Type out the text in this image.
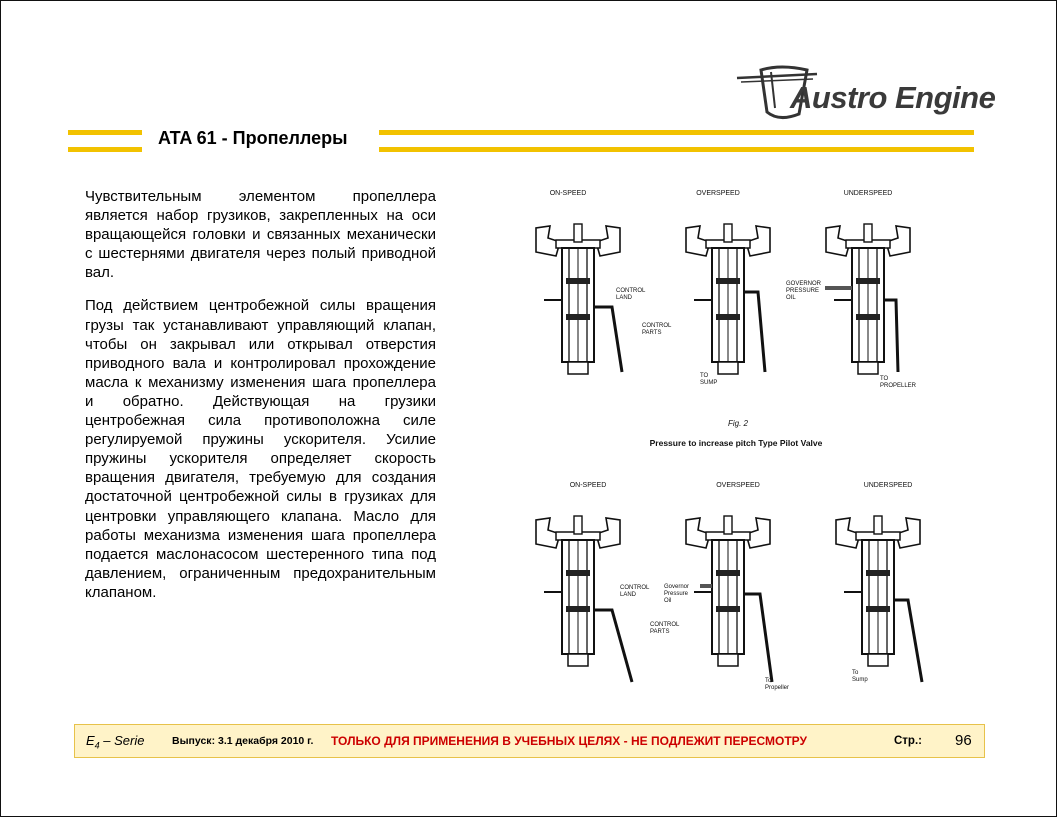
Austro Engine
ATA 61 - Пропеллеры

Чувствительным элементом пропеллера является набор грузиков, закрепленных на оси вращающейся головки и связанных механически с шестернями двигателя через полый приводной вал.

Под действием центробежной силы вращения грузы так устанавливают управляющий клапан, чтобы он закрывал или открывал отверстия приводного вала и контролировал прохождение масла к механизму изменения шага пропеллера и обратно. Действующая на грузики центробежная сила противоположна силе регулируемой пружины ускорителя. Усилие пружины ускорителя определяет скорость вращения двигателя, требуемую для создания достаточной центробежной силы в грузиках для центровки управляющего клапана. Масло для работы механизма изменения шага пропеллера подается маслонасосом шестеренного типа под давлением, ограниченным предохранительным клапаном.

ON-SPEED	OVERSPEED	UNDERSPEED
CONTROL LAND
CONTROL PARTS
GOVERNOR PRESSURE OIL
TO SUMP
TO PROPELLER
Fig. 2
Pressure to increase pitch Type Pilot Valve
ON-SPEED	OVERSPEED	UNDERSPEED
CONTROL LAND
CONTROL PARTS
Governor Pressure Oil
To Propeller
To Sump
$E_4$ – Serie	Выпуск: 3.1 декабря 2010 г. ТОЛЬКО ДЛЯ ПРИМЕНЕНИЯ В УЧЕБНЫХ ЦЕЛЯХ - НЕ ПОДЛЕЖИТ ПЕРЕСМОТРУ	Стр.: 96
